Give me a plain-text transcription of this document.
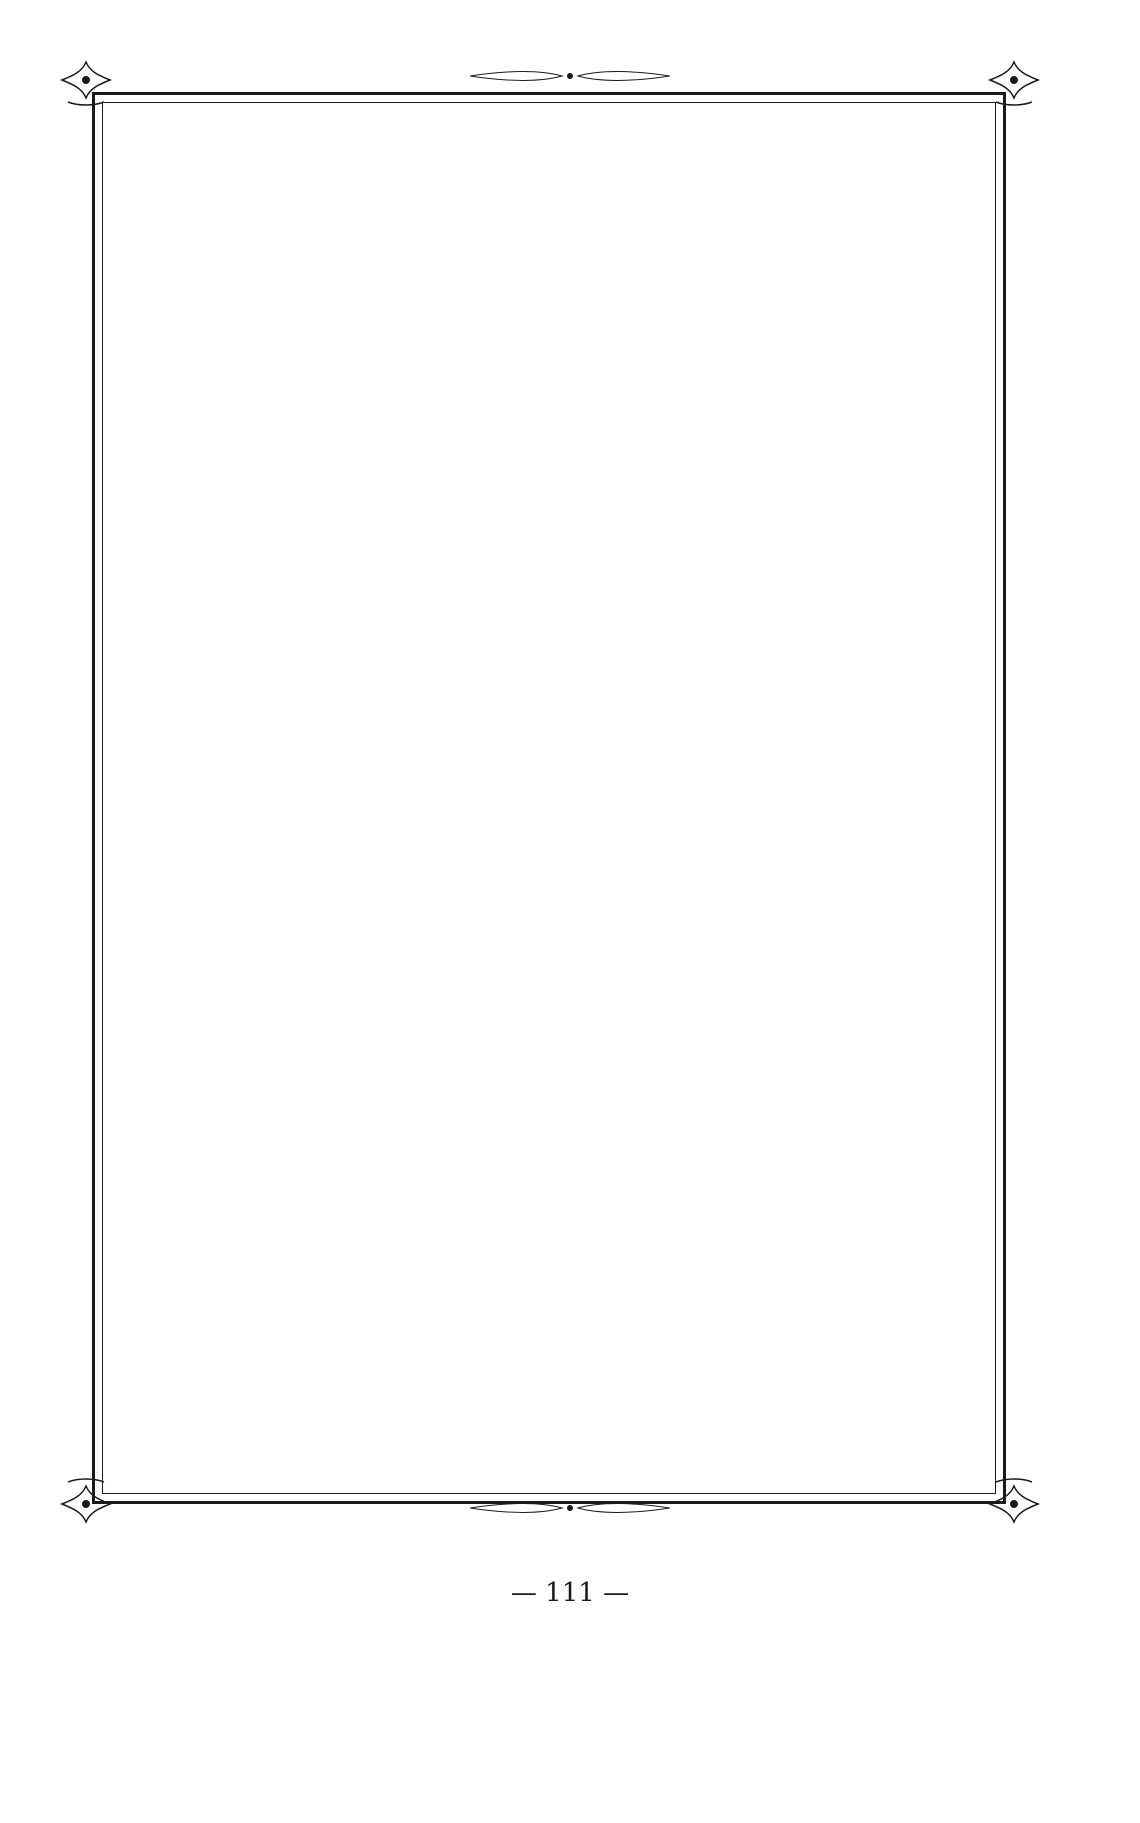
— 111 —
